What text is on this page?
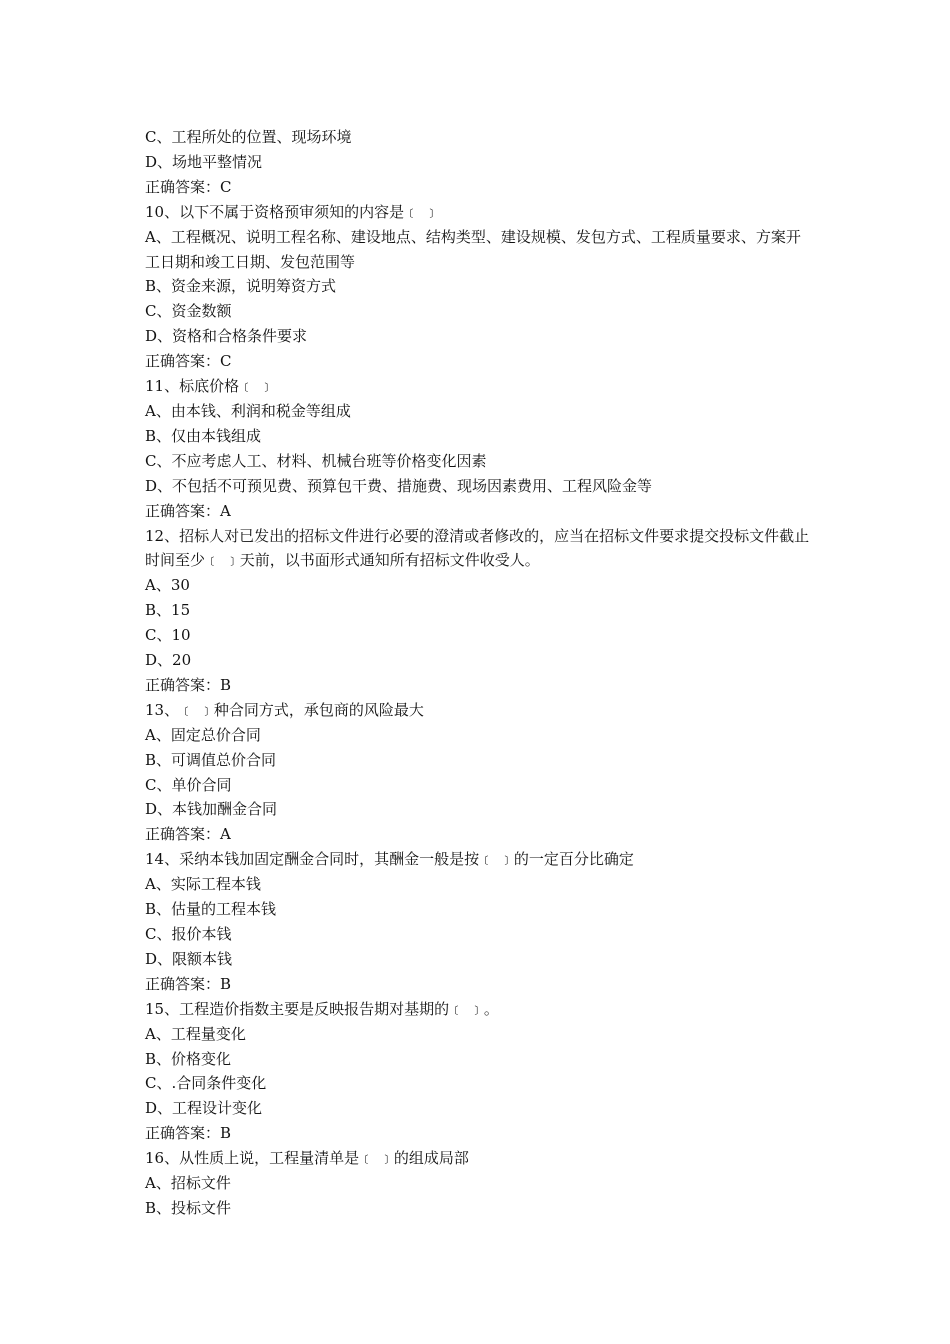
C、工程所处的位置、现场环境

D、场地平整情况

正确答案：C

10、以下不属于资格预审须知的内容是﹝ ﹞

A、工程概况、说明工程名称、建设地点、结构类型、建设规模、发包方式、工程质量要求、方案开工日期和竣工日期、发包范围等

B、资金来源，说明筹资方式

C、资金数额

D、资格和合格条件要求

正确答案：C

11、标底价格﹝ ﹞

A、由本钱、利润和税金等组成

B、仅由本钱组成

C、不应考虑人工、材料、机械台班等价格变化因素

D、不包括不可预见费、预算包干费、措施费、现场因素费用、工程风险金等

正确答案：A

12、招标人对已发出的招标文件进行必要的澄清或者修改的，应当在招标文件要求提交投标文件截止时间至少﹝ ﹞天前，以书面形式通知所有招标文件收受人。

A、30

B、15

C、10

D、20

正确答案：B

13、﹝ ﹞种合同方式，承包商的风险最大

A、固定总价合同

B、可调值总价合同

C、单价合同

D、本钱加酬金合同

正确答案：A

14、采纳本钱加固定酬金合同时，其酬金一般是按﹝ ﹞的一定百分比确定

A、实际工程本钱

B、估量的工程本钱

C、报价本钱

D、限额本钱

正确答案：B

15、工程造价指数主要是反映报告期对基期的﹝ ﹞。

A、工程量变化

B、价格变化

C、.合同条件变化

D、工程设计变化

正确答案：B

16、从性质上说，工程量清单是﹝ ﹞的组成局部

A、招标文件

B、投标文件
